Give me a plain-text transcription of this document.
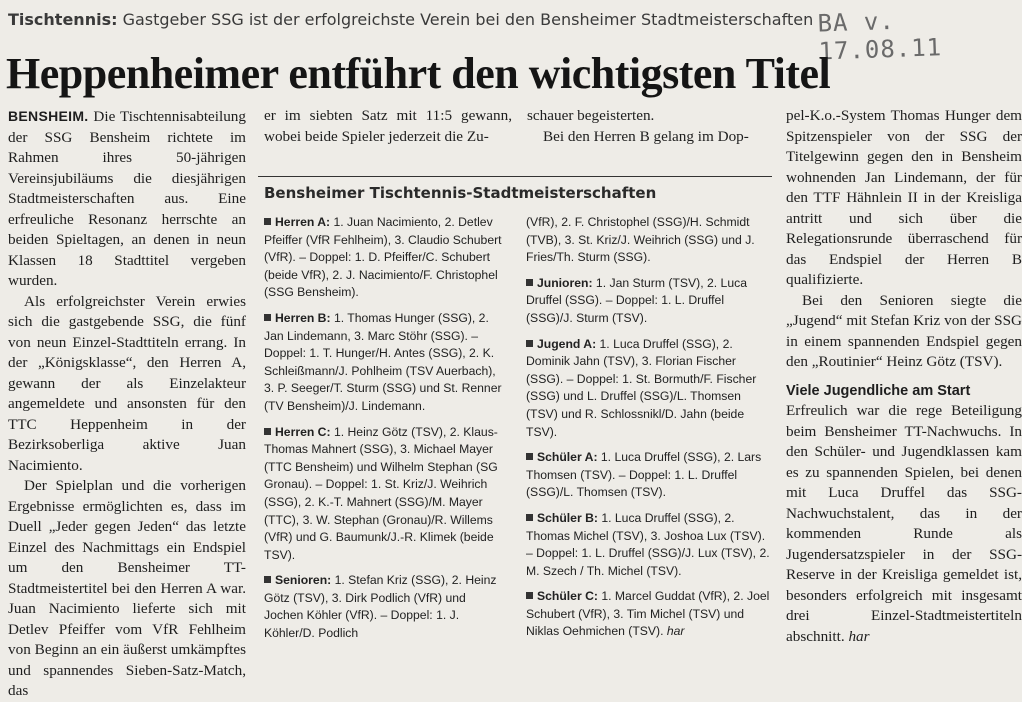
Tischtennis: Gastgeber SSG ist der erfolgreichste Verein bei den Bensheimer Stadtmeisterschaften BA v. 17.08.11
Heppenheimer entführt den wichtigsten Titel

BENSHEIM. Die Tischtennisabteilung der SSG Bensheim richtete im Rahmen ihres 50-jährigen Vereinsjubiläums die diesjährigen Stadtmeisterschaften aus. Eine erfreuliche Resonanz herrschte an beiden Spieltagen, an denen in neun Klassen 18 Stadttitel vergeben wurden.

Als erfolgreichster Verein erwies sich die gastgebende SSG, die fünf von neun Einzel-Stadttiteln errang. In der „Königsklasse“, den Herren A, gewann der als Einzelakteur angemeldete und ansonsten für den TTC Heppenheim in der Bezirksoberliga aktive Juan Nacimiento.

Der Spielplan und die vorherigen Ergebnisse ermöglichten es, dass im Duell „Jeder gegen Jeden“ das letzte Einzel des Nachmittags ein Endspiel um den Bensheimer TT-Stadtmeistertitel bei den Herren A war. Juan Nacimiento lieferte sich mit Detlev Pfeiffer vom VfR Fehlheim von Beginn an ein äußerst umkämpftes und spannendes Sieben-Satz-Match, das

er im siebten Satz mit 11:5 gewann, wobei beide Spieler jederzeit die Zu-

schauer begeisterten.

Bei den Herren B gelang im Dop-

Bensheimer Tischtennis-Stadtmeisterschaften

Herren A: 1. Juan Nacimiento, 2. Detlev Pfeiffer (VfR Fehlheim), 3. Claudio Schubert (VfR). – Doppel: 1. D. Pfeiffer/C. Schubert (beide VfR), 2. J. Nacimiento/F. Christophel (SSG Bensheim).

Herren B: 1. Thomas Hunger (SSG), 2. Jan Lindemann, 3. Marc Stöhr (SSG). – Doppel: 1. T. Hunger/H. Antes (SSG), 2. K. Schleißmann/J. Pohlheim (TSV Auerbach), 3. P. Seeger/T. Sturm (SSG) und St. Renner (TV Bensheim)/J. Lindemann.

Herren C: 1. Heinz Götz (TSV), 2. Klaus-Thomas Mahnert (SSG), 3. Michael Mayer (TTC Bensheim) und Wilhelm Stephan (SG Gronau). – Doppel: 1. St. Kriz/J. Weihrich (SSG), 2. K.-T. Mahnert (SSG)/M. Mayer (TTC), 3. W. Stephan (Gronau)/R. Willems (VfR) und G. Baumunk/J.-R. Klimek (beide TSV).

Senioren: 1. Stefan Kriz (SSG), 2. Heinz Götz (TSV), 3. Dirk Podlich (VfR) und Jochen Köhler (VfR). – Doppel: 1. J. Köhler/D. Podlich

(VfR), 2. F. Christophel (SSG)/H. Schmidt (TVB), 3. St. Kriz/J. Weihrich (SSG) und J. Fries/Th. Sturm (SSG).

Junioren: 1. Jan Sturm (TSV), 2. Luca Druffel (SSG). – Doppel: 1. L. Druffel (SSG)/J. Sturm (TSV).

Jugend A: 1. Luca Druffel (SSG), 2. Dominik Jahn (TSV), 3. Florian Fischer (SSG). – Doppel: 1. St. Bormuth/F. Fischer (SSG) und L. Druffel (SSG)/L. Thomsen (TSV) und R. Schlossnikl/D. Jahn (beide TSV).

Schüler A: 1. Luca Druffel (SSG), 2. Lars Thomsen (TSV). – Doppel: 1. L. Druffel (SSG)/L. Thomsen (TSV).

Schüler B: 1. Luca Druffel (SSG), 2. Thomas Michel (TSV), 3. Joshoa Lux (TSV). – Doppel: 1. L. Druffel (SSG)/J. Lux (TSV), 2. M. Szech / Th. Michel (TSV).

Schüler C: 1. Marcel Guddat (VfR), 2. Joel Schubert (VfR), 3. Tim Michel (TSV) und Niklas Oehmichen (TSV). har

pel-K.o.-System Thomas Hunger dem Spitzenspieler von der SSG der Titelgewinn gegen den in Bensheim wohnenden Jan Lindemann, der für den TTF Hähnlein II in der Kreisliga antritt und sich über die Relegationsrunde überraschend für das Endspiel der Herren B qualifizierte.

Bei den Senioren siegte die „Jugend“ mit Stefan Kriz von der SSG in einem spannenden Endspiel gegen den „Routinier“ Heinz Götz (TSV).

Viele Jugendliche am Start

Erfreulich war die rege Beteiligung beim Bensheimer TT-Nachwuchs. In den Schüler- und Jugendklassen kam es zu spannenden Spielen, bei denen mit Luca Druffel das SSG-Nachwuchstalent, das in der kommenden Runde als Jugendersatzspieler in der SSG-Reserve in der Kreisliga gemeldet ist, besonders erfolgreich mit insgesamt drei Einzel-Stadtmeistertiteln abschnitt. har
